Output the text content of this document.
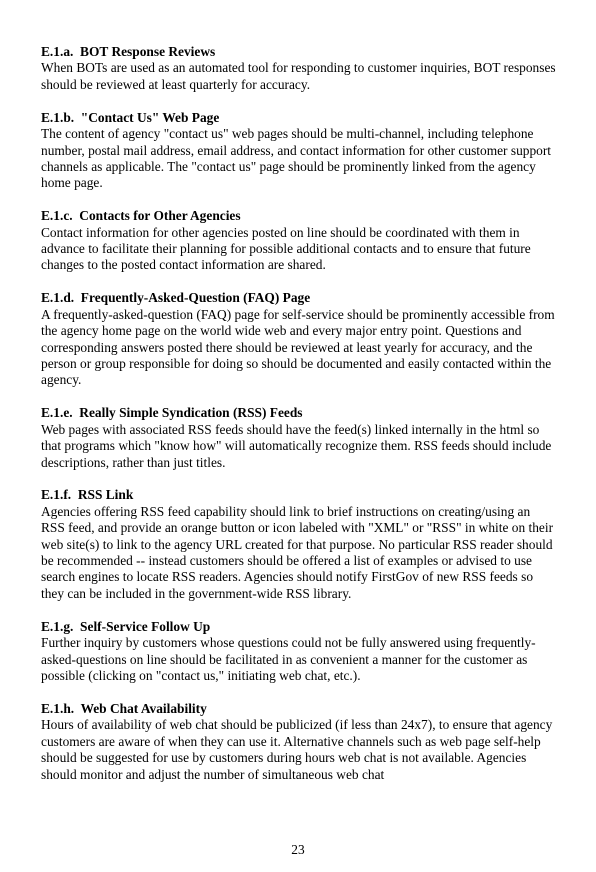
E.1.a.  BOT Response Reviews

When BOTs are used as an automated tool for responding to customer inquiries, BOT responses should be reviewed at least quarterly for accuracy.

E.1.b.  "Contact Us" Web Page

The content of agency "contact us" web pages should be multi-channel, including telephone number, postal mail address, email address, and contact information for other customer support channels as applicable. The "contact us" page should be prominently linked from the agency home page.

E.1.c.  Contacts for Other Agencies

Contact information for other agencies posted on line should be coordinated with them in advance to facilitate their planning for possible additional contacts and to ensure that future changes to the posted contact information are shared.

E.1.d.  Frequently-Asked-Question (FAQ) Page

A frequently-asked-question (FAQ) page for self-service should be prominently accessible from the agency home page on the world wide web and every major entry point. Questions and corresponding answers posted there should be reviewed at least yearly for accuracy, and the person or group responsible for doing so should be documented and easily contacted within the agency.

E.1.e.  Really Simple Syndication (RSS) Feeds

Web pages with associated RSS feeds should have the feed(s) linked internally in the html so that programs which "know how" will automatically recognize them. RSS feeds should include descriptions, rather than just titles.

E.1.f.  RSS Link

Agencies offering RSS feed capability should link to brief instructions on creating/using an RSS feed, and provide an orange button or icon labeled with "XML" or "RSS" in white on their web site(s) to link to the agency URL created for that purpose. No particular RSS reader should be recommended -- instead customers should be offered a list of examples or advised to use search engines to locate RSS readers. Agencies should notify FirstGov of new RSS feeds so they can be included in the government-wide RSS library.

E.1.g.  Self-Service Follow Up

Further inquiry by customers whose questions could not be fully answered using frequently-asked-questions on line should be facilitated in as convenient a manner for the customer as possible (clicking on "contact us," initiating web chat, etc.).

E.1.h.  Web Chat Availability

Hours of availability of web chat should be publicized (if less than 24x7), to ensure that agency customers are aware of when they can use it. Alternative channels such as web page self-help should be suggested for use by customers during hours web chat is not available. Agencies should monitor and adjust the number of simultaneous web chat

23
